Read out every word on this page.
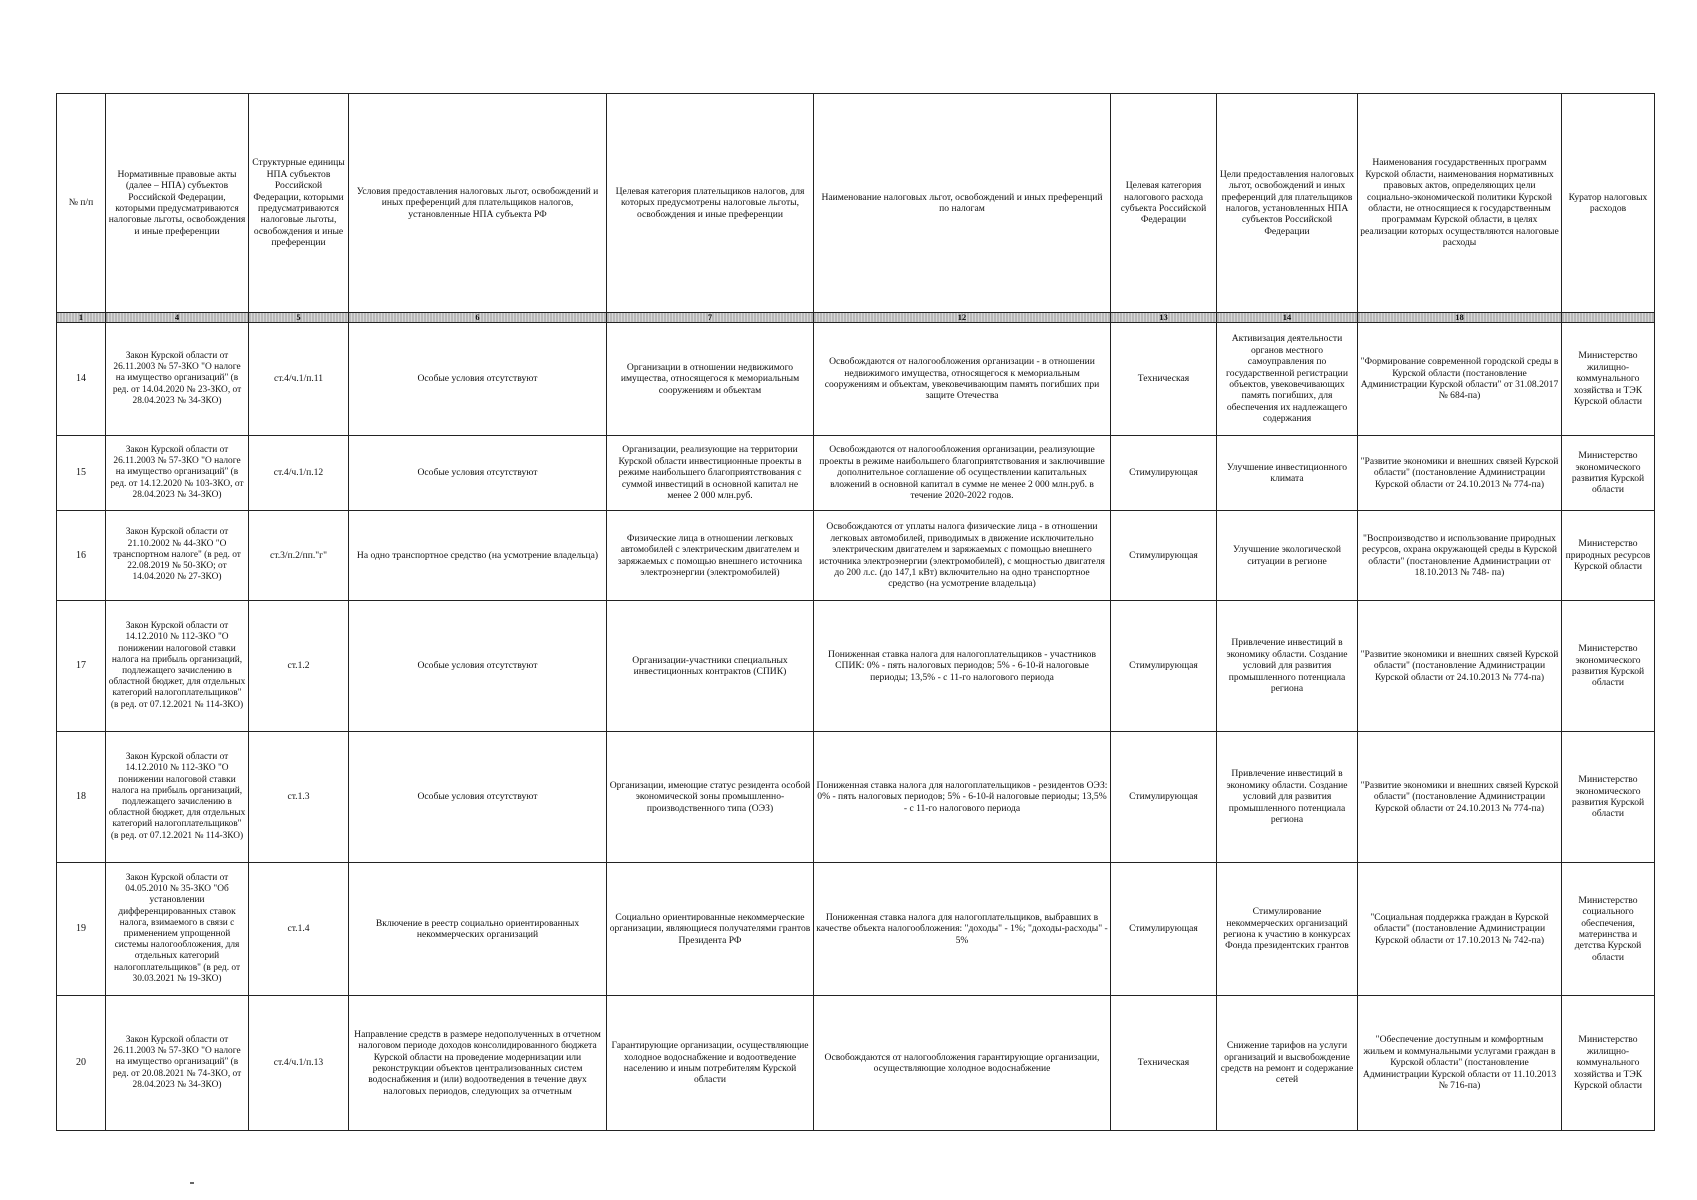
№ п/п	Нормативные правовые акты (далее – НПА) субъектов Российской Федерации, которыми предусматриваются налоговые льготы, освобождения и иные преференции	Структурные единицы НПА субъектов Российской Федерации, которыми предусматриваются налоговые льготы, освобождения и иные преференции	Условия предоставления налоговых льгот, освобождений и иных преференций для плательщиков налогов, установленные НПА субъекта РФ	Целевая категория плательщиков налогов, для которых предусмотрены налоговые льготы, освобождения и иные преференции	Наименование налоговых льгот, освобождений и иных преференций по налогам	Целевая категория налогового расхода субъекта Российской Федерации	Цели предоставления налоговых льгот, освобождений и иных преференций для плательщиков налогов, установленных НПА субъектов Российской Федерации	Наименования государственных программ Курской области, наименования нормативных правовых актов, определяющих цели социально-экономической политики Курской области, не относящиеся к государственным программам Курской области, в целях реализации которых осуществляются налоговые расходы	Куратор налоговых расходов
1	4	5	6	7	12	13	14	18	
14	Закон Курской области от 26.11.2003 № 57-ЗКО "О налоге на имущество организаций" (в ред. от 14.04.2020 № 23-ЗКО, от 28.04.2023 № 34-ЗКО)	ст.4/ч.1/п.11	Особые условия отсутствуют	Организации в отношении недвижимого имущества, относящегося к мемориальным сооружениям и объектам	Освобождаются от налогообложения организации - в отношении недвижимого имущества, относящегося к мемориальным сооружениям и объектам, увековечивающим память погибших при защите Отечества	Техническая	Активизация деятельности органов местного самоуправления по государственной регистрации объектов, увековечивающих память погибших, для обеспечения их надлежащего содержания	"Формирование современной городской среды в Курской области (постановление Администрации Курской области" от 31.08.2017 № 684-па)	Министерство жилищно-коммунального хозяйства и ТЭК Курской области
15	Закон Курской области от 26.11.2003 № 57-ЗКО "О налоге на имущество организаций" (в ред. от 14.12.2020 № 103-ЗКО, от 28.04.2023 № 34-ЗКО)	ст.4/ч.1/п.12	Особые условия отсутствуют	Организации, реализующие на территории Курской области инвестиционные проекты в режиме наибольшего благоприятствования с суммой инвестиций в основной капитал не менее 2 000 млн.руб.	Освобождаются от налогообложения организации, реализующие проекты в режиме наибольшего благоприятствования и заключившие дополнительное соглашение об осуществлении капитальных вложений в основной капитал в сумме не менее 2 000 млн.руб. в течение 2020-2022 годов.	Стимулирующая	Улучшение инвестиционного климата	"Развитие экономики и внешних связей Курской области" (постановление Администрации Курской области от 24.10.2013 № 774-па)	Министерство экономического развития Курской области
16	Закон Курской области от 21.10.2002 № 44-ЗКО "О транспортном налоге" (в ред. от 22.08.2019 № 50-ЗКО; от 14.04.2020 № 27-ЗКО)	ст.3/п.2/пп."г"	На одно транспортное средство (на усмотрение владельца)	Физические лица в отношении легковых автомобилей с электрическим двигателем и заряжаемых с помощью внешнего источника электроэнергии (электромобилей)	Освобождаются от уплаты налога физические лица - в отношении легковых автомобилей, приводимых в движение исключительно электрическим двигателем и заряжаемых с помощью внешнего источника электроэнергии (электромобилей), с мощностью двигателя до 200 л.с. (до 147,1 кВт) включительно на одно транспортное средство (на усмотрение владельца)	Стимулирующая	Улучшение экологической ситуации в регионе	"Воспроизводство и использование природных ресурсов, охрана окружающей среды в Курской области" (постановление Администрации от 18.10.2013 № 748- па)	Министерство природных ресурсов Курской области
17	Закон Курской области от 14.12.2010 № 112-ЗКО "О понижении налоговой ставки налога на прибыль организаций, подлежащего зачислению в областной бюджет, для отдельных категорий налогоплательщиков" (в ред. от 07.12.2021 № 114-ЗКО)	ст.1.2	Особые условия отсутствуют	Организации-участники специальных инвестиционных контрактов (СПИК)	Пониженная ставка налога для налогоплательщиков - участников СПИК: 0% - пять налоговых периодов; 5% - 6-10-й налоговые периоды; 13,5% - с 11-го налогового периода	Стимулирующая	Привлечение инвестиций в экономику области. Создание условий для развития промышленного потенциала региона	"Развитие экономики и внешних связей Курской области" (постановление Администрации Курской области от 24.10.2013 № 774-па)	Министерство экономического развития Курской области
18	Закон Курской области от 14.12.2010 № 112-ЗКО "О понижении налоговой ставки налога на прибыль организаций, подлежащего зачислению в областной бюджет, для отдельных категорий налогоплательщиков" (в ред. от 07.12.2021 № 114-ЗКО)	ст.1.3	Особые условия отсутствуют	Организации, имеющие статус резидента особой экономической зоны промышленно-производственного типа (ОЭЗ)	Пониженная ставка налога для налогоплательщиков - резидентов ОЭЗ: 0% - пять налоговых периодов; 5% - 6-10-й налоговые периоды; 13,5% - с 11-го налогового периода	Стимулирующая	Привлечение инвестиций в экономику области. Создание условий для развития промышленного потенциала региона	"Развитие экономики и внешних связей Курской области" (постановление Администрации Курской области от 24.10.2013 № 774-па)	Министерство экономического развития Курской области
19	Закон Курской области от 04.05.2010 № 35-ЗКО "Об установлении дифференцированных ставок налога, взимаемого в связи с применением упрощенной системы налогообложения, для отдельных категорий налогоплательщиков" (в ред. от 30.03.2021 № 19-ЗКО)	ст.1.4	Включение в реестр социально ориентированных некоммерческих организаций	Социально ориентированные некоммерческие организации, являющиеся получателями грантов Президента РФ	Пониженная ставка налога для налогоплательщиков, выбравших в качестве объекта налогообложения: "доходы" - 1%; "доходы-расходы" - 5%	Стимулирующая	Стимулирование некоммерческих организаций региона к участию в конкурсах Фонда президентских грантов	"Социальная поддержка граждан в Курской области" (постановление Администрации Курской области от 17.10.2013 № 742-па)	Министерство социального обеспечения, материнства и детства Курской области
20	Закон Курской области от 26.11.2003 № 57-ЗКО "О налоге на имущество организаций" (в ред. от 20.08.2021 № 74-ЗКО, от 28.04.2023 № 34-ЗКО)	ст.4/ч.1/п.13	Направление средств в размере недополученных в отчетном налоговом периоде доходов консолидированного бюджета Курской области на проведение модернизации или реконструкции объектов централизованных систем водоснабжения и (или) водоотведения в течение двух налоговых периодов, следующих за отчетным	Гарантирующие организации, осуществляющие холодное водоснабжение и водоотведение населению и иным потребителям Курской области	Освобождаются от налогообложения гарантирующие организации, осуществляющие холодное водоснабжение	Техническая	Снижение тарифов на услуги организаций и высвобождение средств на ремонт и содержание сетей	"Обеспечение доступным и комфортным жильем и коммунальными услугами граждан в Курской области" (постановление Администрации Курской области от 11.10.2013 № 716-па)	Министерство жилищно-коммунального хозяйства и ТЭК Курской области
